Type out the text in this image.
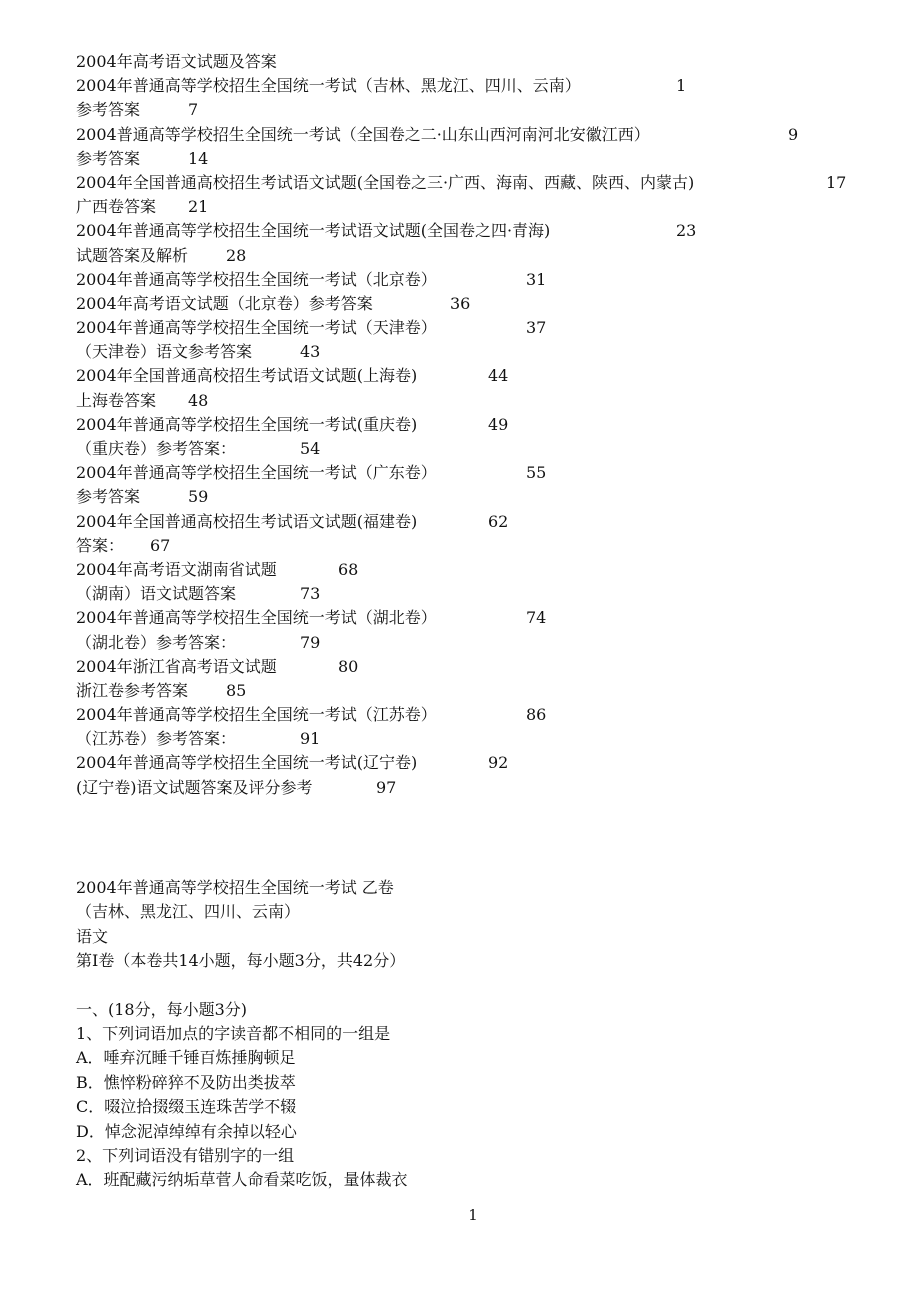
2004年高考语文试题及答案
2004年普通高等学校招生全国统一考试（吉林、黑龙江、四川、云南）	1
参考答案	7
2004普通高等学校招生全国统一考试（全国卷之二·山东山西河南河北安徽江西）	9
参考答案	14
2004年全国普通高校招生考试语文试题(全国卷之三·广西、海南、西藏、陕西、内蒙古)	17
广西卷答案 21
2004年普通高等学校招生全国统一考试语文试题(全国卷之四·青海)	23
试题答案及解析 28
2004年普通高等学校招生全国统一考试（北京卷）	31
2004年高考语文试题（北京卷）参考答案	36
2004年普通高等学校招生全国统一考试（天津卷）	37
（天津卷）语文参考答案	43
2004年全国普通高校招生考试语文试题(上海卷)	44
上海卷答案 48
2004年普通高等学校招生全国统一考试(重庆卷)	49
（重庆卷）参考答案：	54
2004年普通高等学校招生全国统一考试（广东卷）	55
参考答案	59
2004年全国普通高校招生考试语文试题(福建卷)	62
答案： 67
2004年高考语文湖南省试题	68
（湖南）语文试题答案	73
2004年普通高等学校招生全国统一考试（湖北卷）	74
（湖北卷）参考答案：	79
2004年浙江省高考语文试题	80
浙江卷参考答案 85
2004年普通高等学校招生全国统一考试（江苏卷）	86
（江苏卷）参考答案：	91
2004年普通高等学校招生全国统一考试(辽宁卷)	92
(辽宁卷)语文试题答案及评分参考	97
2004年普通高等学校招生全国统一考试 乙卷
（吉林、黑龙江、四川、云南）
语文
第Ⅰ卷（本卷共14小题，每小题3分，共42分）
一、(18分，每小题3分)
1、下列词语加点的字读音都不相同的一组是
A．唾弃沉睡千锤百炼捶胸顿足
B．憔悴粉碎猝不及防出类拔萃
C．啜泣拾掇缀玉连珠苦学不辍
D．悼念泥淖绰绰有余掉以轻心
2、下列词语没有错别字的一组
A．班配藏污纳垢草菅人命看菜吃饭，量体裁衣
1
